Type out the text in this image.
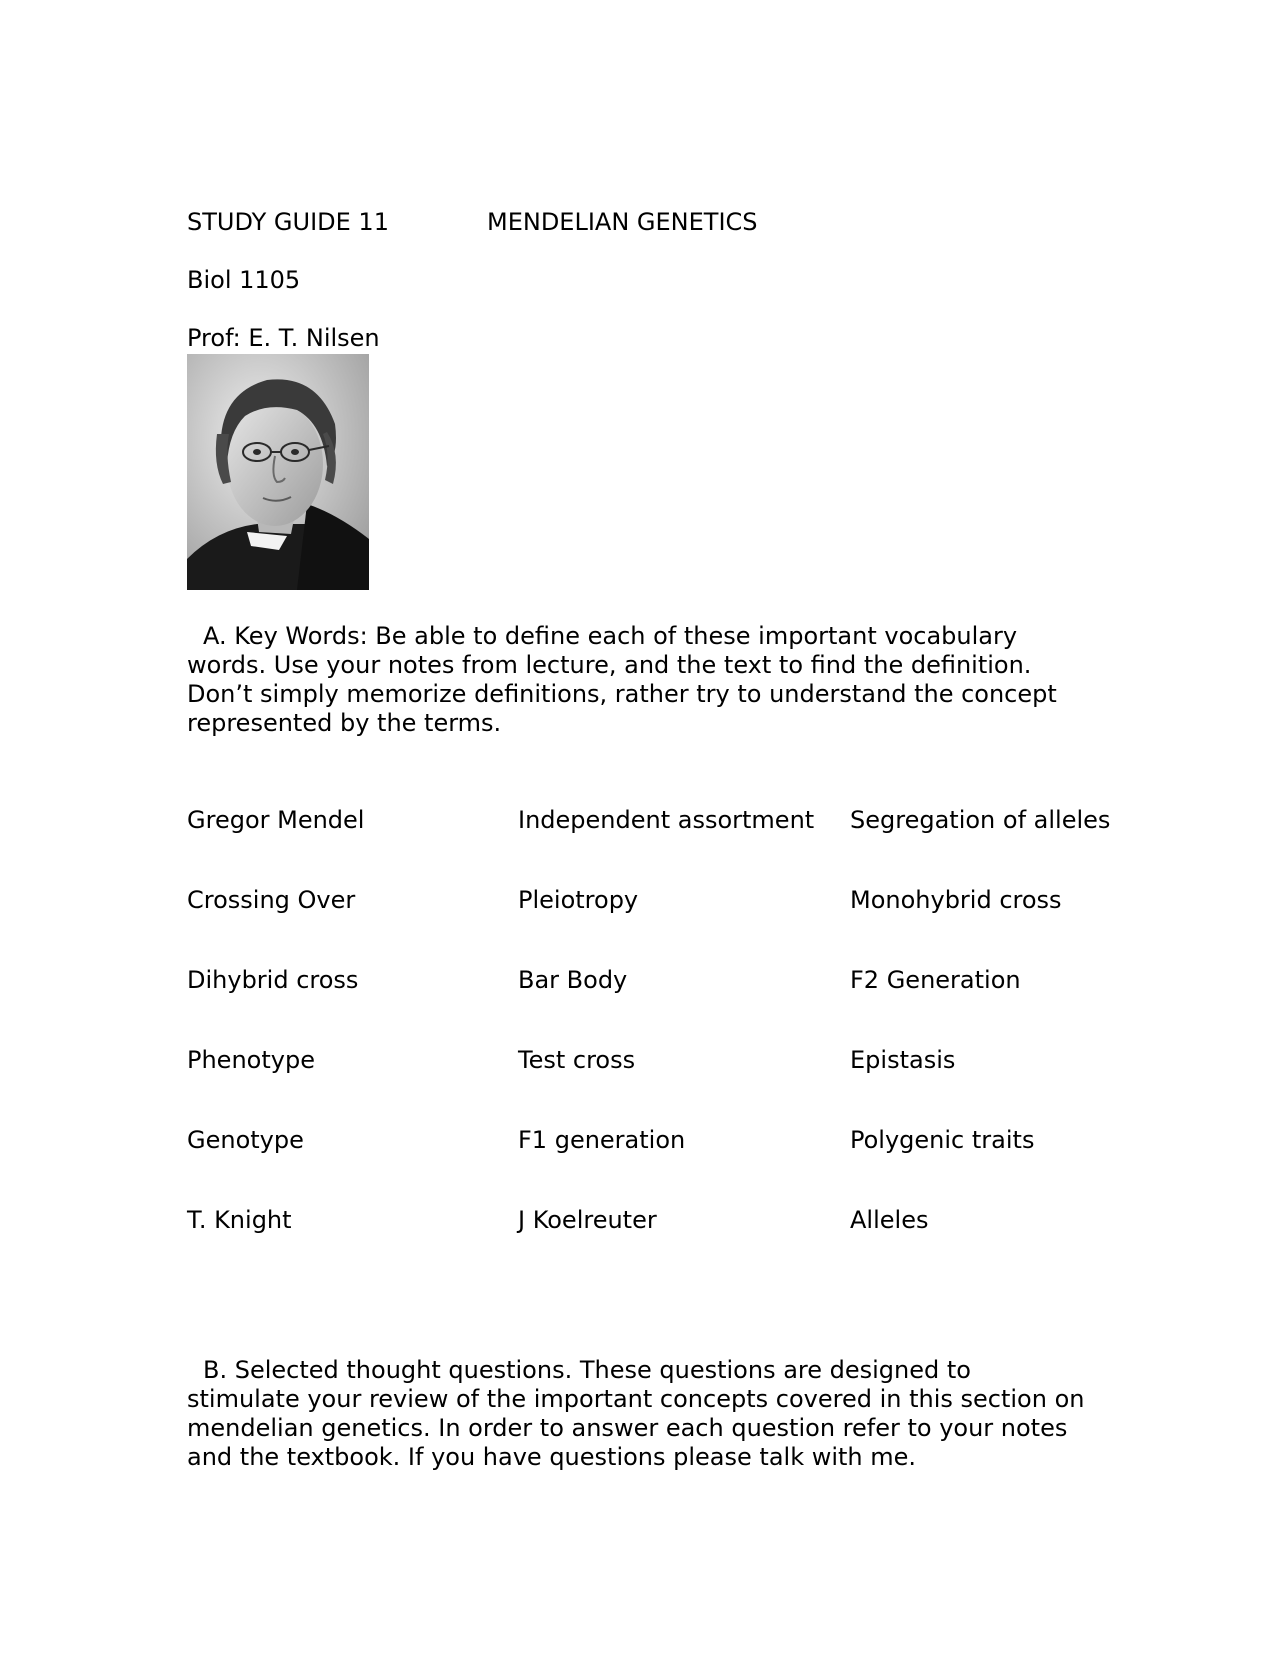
STUDY GUIDE 11	MENDELIAN GENETICS
Biol 1105
Prof: E. T. Nilsen
A. Key Words: Be able to define each of these important vocabulary words. Use your notes from lecture, and the text to find the definition. Don’t simply memorize definitions, rather try to understand the concept represented by the terms.
Gregor Mendel	Independent assortment	Segregation of alleles
Crossing Over	Pleiotropy	Monohybrid cross
Dihybrid cross	Bar Body	F2 Generation
Phenotype	Test cross	Epistasis
Genotype	F1 generation	Polygenic traits
T. Knight	J Koelreuter	Alleles
B. Selected thought questions. These questions are designed to stimulate your review of the important concepts covered in this section on mendelian genetics. In order to answer each question refer to your notes and the textbook. If you have questions please talk with me.
